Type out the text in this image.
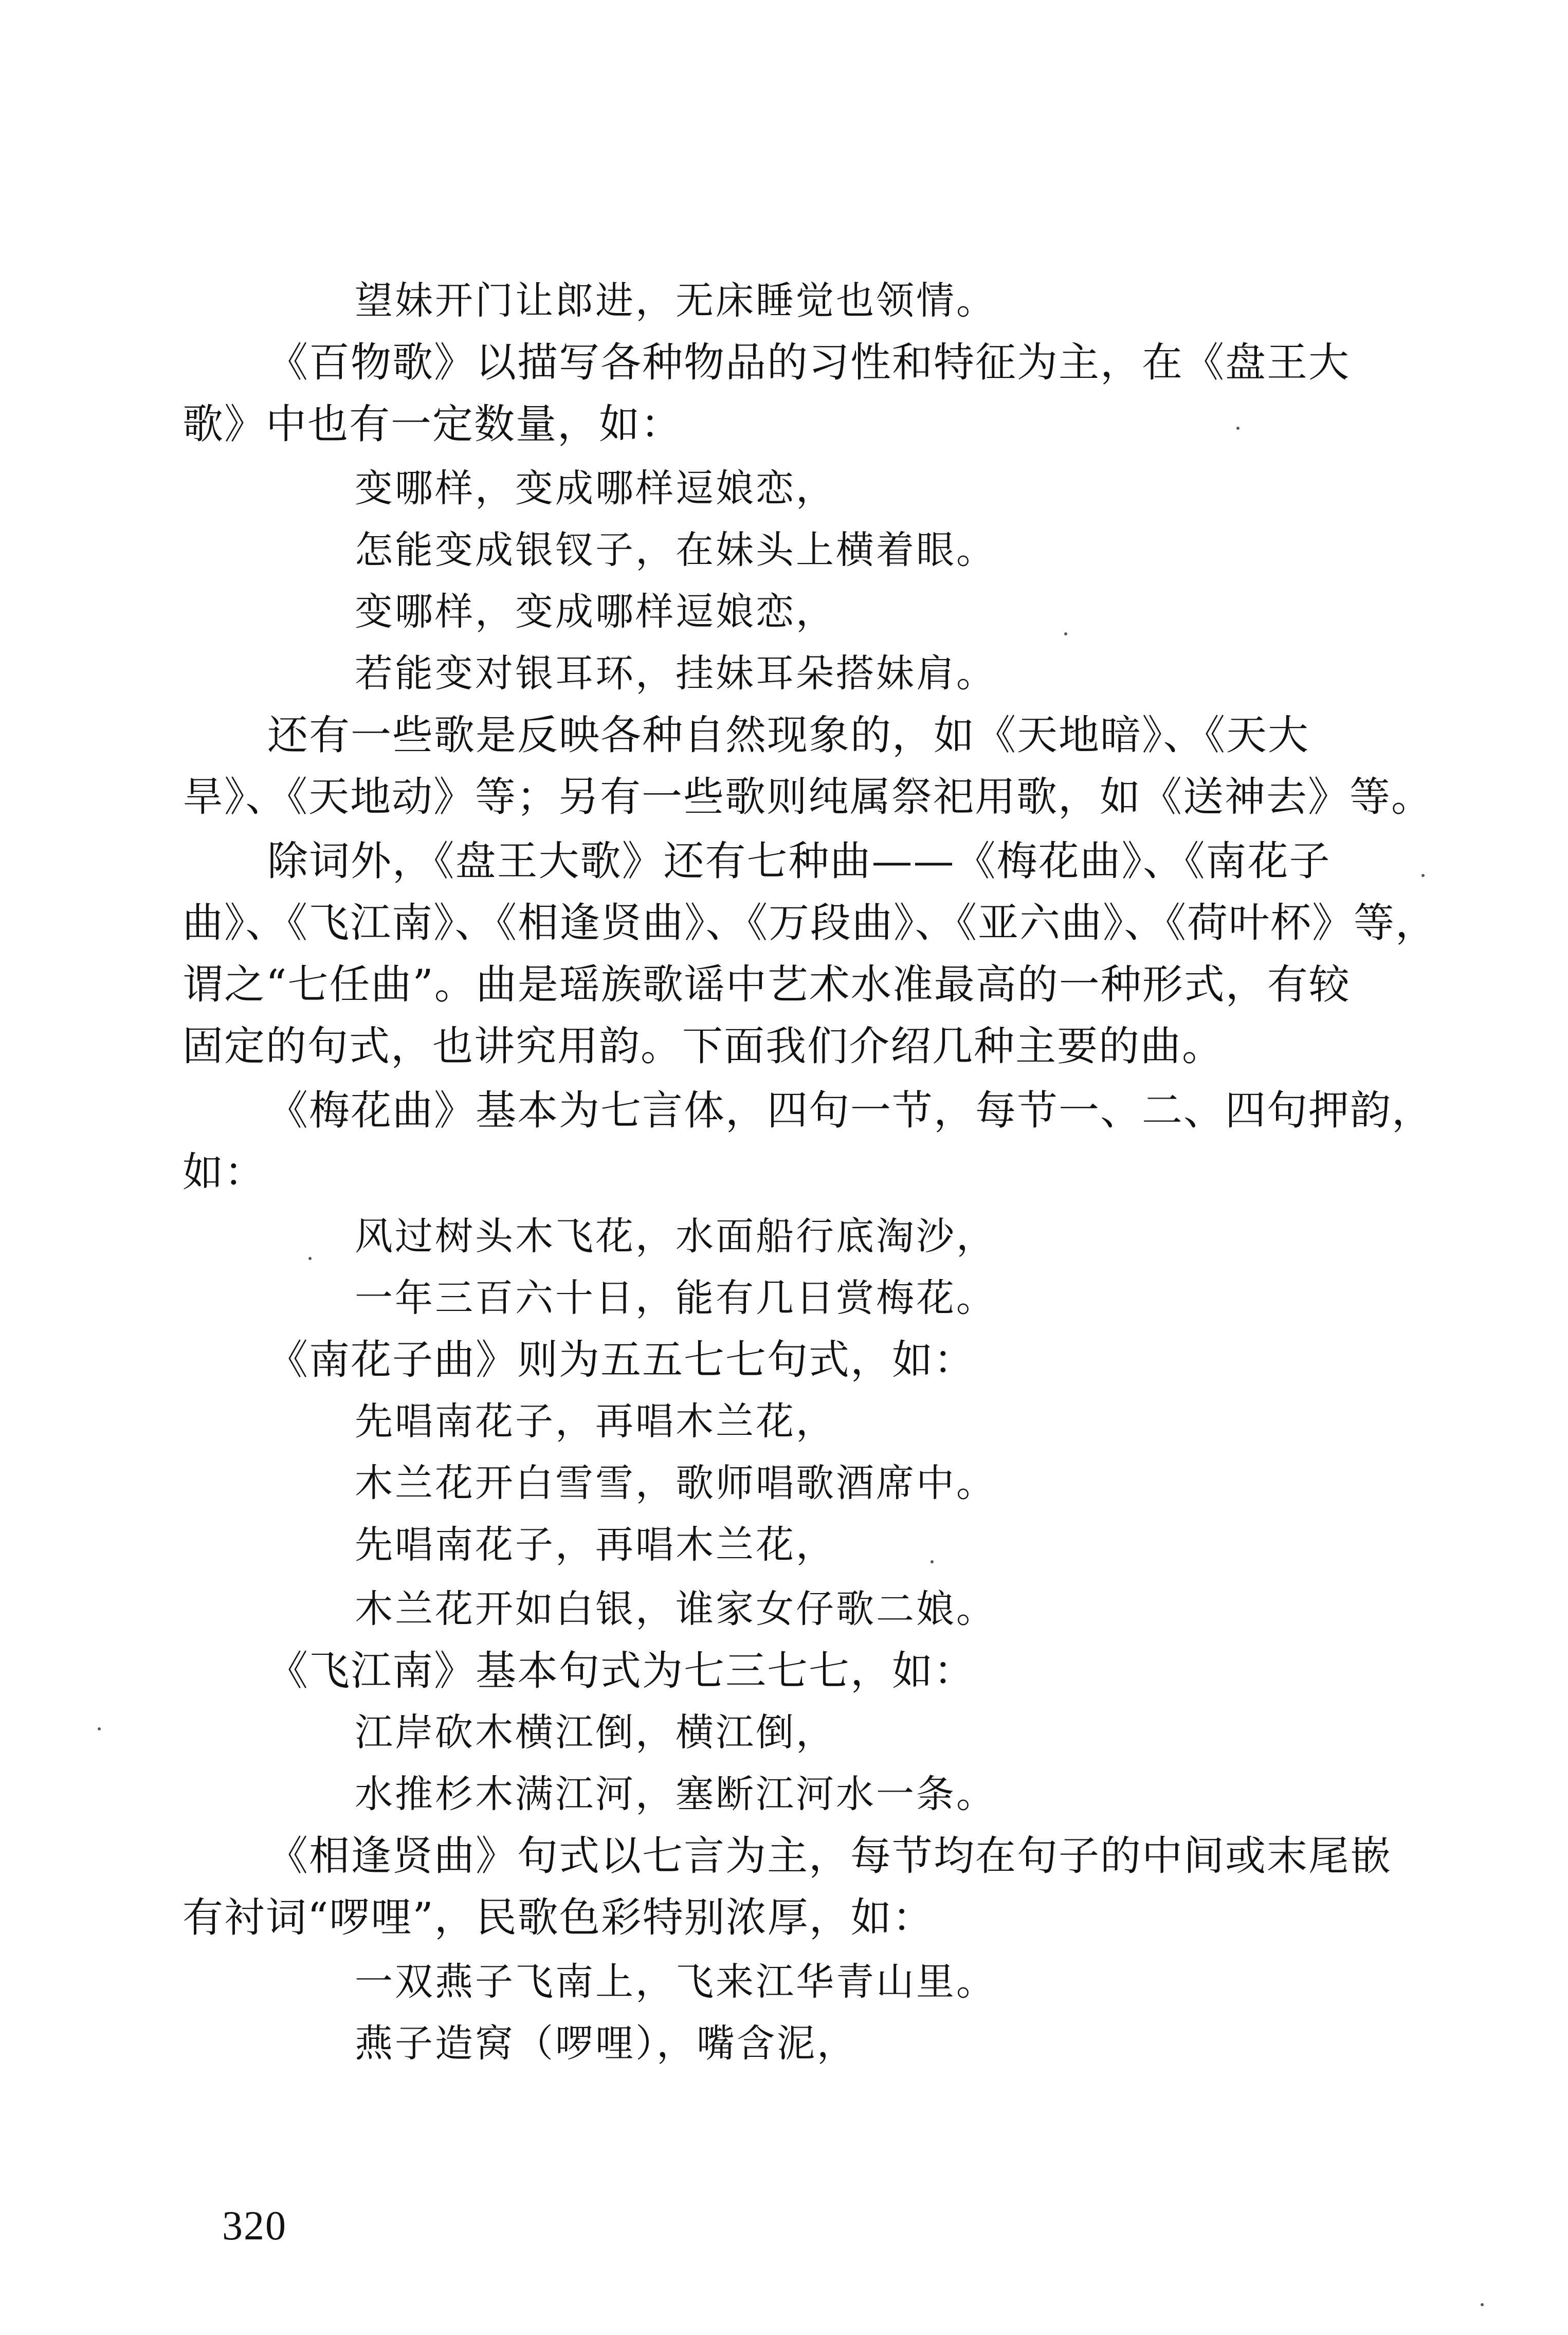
望妹开门让郎进，无床睡觉也领情。

《百物歌》以描写各种物品的习性和特征为主，在《盘王大

歌》中也有一定数量，如：

变哪样，变成哪样逗娘恋，

怎能变成银钗子，在妹头上横着眼。

变哪样，变成哪样逗娘恋，

若能变对银耳环，挂妹耳朵搭妹肩。

还有一些歌是反映各种自然现象的，如《天地暗》、《天大

旱》、《天地动》等；另有一些歌则纯属祭祀用歌，如《送神去》等。

除词外，《盘王大歌》还有七种曲——《梅花曲》、《南花子

曲》、《飞江南》、《相逢贤曲》、《万段曲》、《亚六曲》、《荷叶杯》等，

谓之“七任曲”。曲是瑶族歌谣中艺术水准最高的一种形式，有较

固定的句式，也讲究用韵。下面我们介绍几种主要的曲。

《梅花曲》基本为七言体，四句一节，每节一、二、四句押韵，

如：

风过树头木飞花，水面船行底淘沙，

一年三百六十日，能有几日赏梅花。

《南花子曲》则为五五七七句式，如：

先唱南花子，再唱木兰花，

木兰花开白雪雪，歌师唱歌酒席中。

先唱南花子，再唱木兰花，

木兰花开如白银，谁家女仔歌二娘。

《飞江南》基本句式为七三七七，如：

江岸砍木横江倒，横江倒，

水推杉木满江河，塞断江河水一条。

《相逢贤曲》句式以七言为主，每节均在句子的中间或末尾嵌

有衬词“啰哩”，民歌色彩特别浓厚，如：

一双燕子飞南上，飞来江华青山里。

燕子造窝（啰哩），嘴含泥，

320
